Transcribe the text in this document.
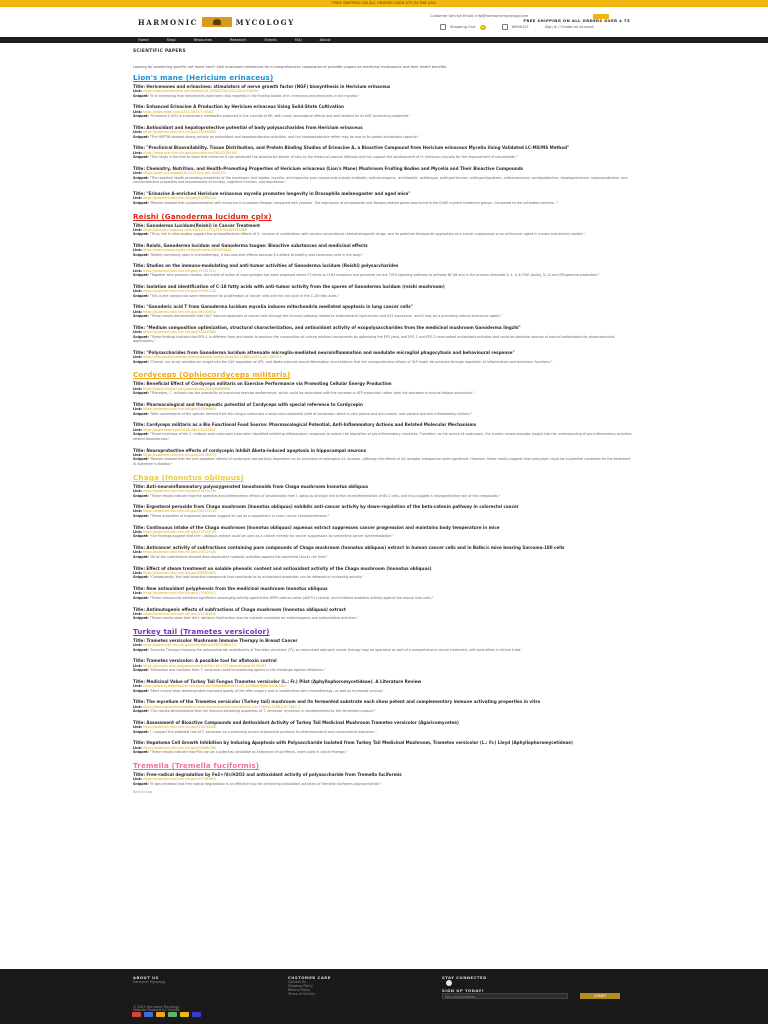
FREE SHIPPING ON ALL ORDERS OVER $75 IN THE USA
HARMONIC	MYCOLOGY
Customer Service Email: info@harmonicmycology.com
FREE SHIPPING ON ALL ORDERS OVER $ 75
Shopping Cart	0	WISHLIST	Sign In / Create an Account
Home	Shop	Resources	Research	Events	FAQ	About
SCIENTIFIC PAPERS

Looking for something specific not found here? Visit mushroom references for a comprehensive compilation of scientific papers on medicinal mushrooms and their health benefits.

Lion's mane (Hericium erinaceus)
Title: Hericenones and erinacines: stimulators of nerve growth factor (NGF) biosynthesis in Hericium erinaceus
Link: https://www.tandfonline.com/doi/full/10.1080/21501203.2010.538091
Snippet: "It is interesting that hericenones have been also reported in the fruiting bodies of H. erinaceus and erinacines in the mycelia."
Title: Enhanced Erinacine A Production by Hericium erinaceus Using Solid-State Cultivation
Link: https://www.mdpi.com/2311-5637/7/3/182
Snippet: "Erinacine A (EA) is a secondary metabolite produced in the mycelia of HE, with many neurological effects and well-studied for its NGF-enhancing properties."
Title: Antioxidant and hepatoprotective potential of body polysaccharides from Hericium erinaceus
Link: https://pubmed.ncbi.nlm.nih.gov/25818060/
Snippet: "The HEPTW showed strong activity on antioxidant and hepatoprotective activities, and the hepatoprotective effect may be due to its potent antioxidant capacity."
Title: "Preclinical Bioavailability, Tissue Distribution, and Protein Binding Studies of Erinacine A, a Bioactive Compound from Hericium erinaceus Mycelia Using Validated LC-MS/MS Method"
Link: https://www.ncbi.nlm.nih.gov/pmc/articles/PMC8229946/
Snippet: "This study is the first to show that erinacine A can penetrate the blood-brain barrier of rats by the means of passive diffusion and has support the development of H. erinaceus mycelia for the improvement of neurohealth."
Title: Chemistry, Nutrition, and Health-Promoting Properties of Hericium erinaceus (Lion's Mane) Mushroom Fruiting Bodies and Mycelia and Their Bioactive Compounds
Link: https://pubs.acs.org/doi/10.1021/acs.jafc.5b02914
Snippet: "The reported health-promoting properties of the mushroom fruit bodies, mycelia, and bioactive pure compounds include antibiotic, anticarcinogenic, antidiabetic, antifatigue, antihypertensive, antihyperlipodemic, antisenescence, cardioprotective, hepatoprotective, nephroprotective, and neuroprotective properties and improvement of anxiety, cognitive function, and depression."
Title: "Erinacine A-enriched Hericium erinaceus mycelia promotes longevity in Drosophila melanogaster and aged mice"
Link: https://pubmed.ncbi.nlm.nih.gov/31398222/
Snippet: "Results showed that supplementation with erinacine A increased lifespan compared with controls. The expression of antioxidants and lifespan-related genes was found in the EAHE mycelia treatment groups. Compared to the untreated controls..."
Reishi (Ganoderma lucidum cplx)
Title: Ganoderma Lucidum(Reishi) in Cancer Treatment
Link: https://journals.sagepub.com/doi/10.1177/1534735403259066
Snippet: "Thus, the in vitro studies support the antiproliferative effects of G. lucidum in combination with various conventional chemotherapeutic drugs, and its potential therapeutic application as a cancer suppressive or an anticancer agent in human and animal models."
Title: Reishi, Ganoderma lucidum and Ganoderma tsugae: Bioactive substances and medicinal effects
Link: https://www.researchgate.net/publication/285993040
Snippet: "Widely commonly used in chemotherapy, it has also side effects because it's attack to healthy and cancerous cells in the body."
Title: Studies on the immuno-modulating and anti-tumor activities of Ganoderma lucidum (Reishi) polysaccharides
Link: https://pubmed.ncbi.nlm.nih.gov/15341521/
Snippet: "Together with previous studies, the mode of action of macrophages has been proposed where F3 binds to TLR4 receptors and proceeds via the TLR4 signaling pathway to activate NF-kB and in the process stimulate IL-1, IL-6 (TNF-alpha), IL-12 and IFN-gamma production."
Title: Isolation and identification of C-18 fatty acids with anti-tumor activity from the spores of Ganoderma lucidum (reishi mushroom)
Link: https://pubmed.ncbi.nlm.nih.gov/15894120/
Snippet: "This is the compounds were determined for proliferation of cancer cells and the cell cycle in the C-18 fatty acids."
Title: "Ganoderic acid T from Ganoderma lucidum mycelia induces mitochondria mediated apoptosis in lung cancer cells"
Link: https://pubmed.ncbi.nlm.nih.gov/16430934/
Snippet: "These results demonstrate that GA-T induced apoptosis of cancer cells through the intrinsic pathway related to mitochondrial dysfunction and p53 expression, and it may be a promising natural anticancer agent."
Title: "Medium composition optimization, structural characterization, and antioxidant activity of exopolysaccharides from the medicinal mushroom Ganoderma lingzhi"
Link: https://pubmed.ncbi.nlm.nih.gov/32622908/
Snippet: "These findings indicate that EPS-1 is different from and easier to produce the composition of culture medium components by optimizing the EPS yield, and EPS-1 and EPS-2 have potent antioxidant activities and could be potential sources of natural antioxidants for pharmaceutical applications."
Title: "Polysaccharides from Ganoderma lucidum attenuate microglia-mediated neuroinflammation and modulate microglial phagocytosis and behavioural response"
Link: https://jneuroinflammation.biomedcentral.com/articles/10.1186/s12974-017-0839-0
Snippet: "Overall, our study provides an insight into the GLP regulation of LPS- and Abeta-induced neuroinflammation and evidence that the neuroprotective effects of GLP might be achieved through regulation of inflammation and behaviour functions."
Cordyceps (Ophiocordyceps militaris)
Title: Beneficial Effect of Cordyceps militaris on Exercise Performance via Promoting Cellular Energy Production
Link: https://www.hindawi.com/journals/mi/2020/8888888/
Snippet: "Therefore, C. militaris has the possibility of improving exercise performance, which could be associated with the increase in ATP production rather than the decrease in muscle fatigue production."
Title: Pharmacological and therapeutic potential of Cordyceps with special reference to Cordycepin
Link: https://pubmed.ncbi.nlm.nih.gov/24596665/
Snippet: "Wild counterparts of the species derived from this fungus comprises a large and substantial yield of cordycepin which is very potent and anti-cancer, anti-oxidant and anti-inflammatory actions."
Title: Cordyceps militaris as a Bio Functional Food Source: Pharmacological Potential, Anti-Inflammatory Actions and Related Molecular Mechanisms
Link: https://www.mdpi.com/2076-2607/10/2/405
Snippet: "These functions of the C. militaris and cordycepin have been identified inhibiting inflammatory responses to reduce the regulation of pro-inflammatory cytokines. Therefore, as the source of cordycepin, the current review provides insight into the understanding of pro-inflammatory activities related biomolecules."
Title: Neuroprotective effects of cordycepin inhibit Abeta-induced apoptosis in hippocampal neurons
Link: https://pubmed.ncbi.nlm.nih.gov/29476977/
Snippet: "Results showed that the anti-apoptotic effects of cordycepin are partially dependent on its activation of adenosine A1 receptor, although the effects of A2 receptor antagonism were significant. However, these results suggest that cordycepin could be a potential candidate for the treatment of Alzheimer's disease."
Chaga (Inonotus obliquus)
Title: Anti-neuroinflammatory polyoxygenated lanostanoids from Chaga mushroom Inonotus obliquus
Link: https://pubmed.ncbi.nlm.nih.gov/31470138/
Snippet: "These results indicate that the potential anti-inflammatory effects of lanostanoids from I. obliquus strongly link to the neuroinflammation of BV-2 cells, and thus suggest a neuroprotective role of the compounds."
Title: Ergosterol peroxide from Chaga mushroom (Inonotus obliquus) exhibits anti-cancer activity by down-regulation of the beta-catenin pathway in colorectal cancer
Link: https://pubmed.ncbi.nlm.nih.gov/26213254/
Snippet: "These properties of ergosterol peroxide suggest its use as a supplement in colon cancer chemoprevention."
Title: Continuous intake of the Chaga mushroom (Inonotus obliquus) aqueous extract suppresses cancer progression and maintains body temperature in mice
Link: https://pubmed.ncbi.nlm.nih.gov/27433233/
Snippet: "Our findings suggest that the I. obliquus extract could be used as a natural remedy for cancer suppression by preventing cancer overmetabolism."
Title: Anticancer activity of subfractions containing pure compounds of Chaga mushroom (Inonotus obliquus) extract in human cancer cells and in Balbc/c mice bearing Sarcoma-180 cells
Link: https://pubmed.ncbi.nlm.nih.gov/25812516/
Snippet: "All of the subfractions showed dose-dependent cytotoxic activities against the examined cancer cell lines."
Title: Effect of steam treatment on soluble phenolic content and antioxidant activity of the Chaga mushroom (Inonotus obliquus)
Link: https://pubmed.ncbi.nlm.nih.gov/28985965/
Snippet: "Consequently, the total bioactive compounds that contribute to its antioxidant properties can be released in increasing activity."
Title: New antioxidant polyphenols from the medicinal mushroom Inonotus obliquus
Link: https://pubmed.ncbi.nlm.nih.gov/17950597/
Snippet: "These compounds exhibited significant scavenging activity against the DPPH radical cation (ABTS+) radical, and inhibited oxidative activity against the mouse liver cells."
Title: Antimutagenic effects of subfractions of Chaga mushroom (Inonotus obliquus) extract
Link: https://pubmed.ncbi.nlm.nih.gov/17194610/
Snippet: "These results show that the I. obliquus Subfraction may be suitable candidate for antimutagenic and antioxidative activities."
Turkey tail (Trametes versicolor)
Title: Trametes versicolor Mushroom Immune Therapy in Breast Cancer
Link: https://www.ncbi.nlm.nih.gov/pmc/articles/PMC3369477/
Snippet: "Immune Therapy involving the polysaccharide constituents of Trametes versicolor (TV) an immunized adjuvant cancer therapy may be operative as part of a comprehensive cancer treatment, with best effect in clinical trials."
Title: Trametes versicolor: A possible tool for aflatoxin control
Link: https://journals.plos.org/plosone/article?id=10.1371/journal.pone.0150397
Snippet: "Extraction and fractions from T. versicolor could be promising agents in the challenge against aflatoxins."
Title: Medicinal Value of Turkey Tail Fungus Trametes versicolor (L.: Fr.) Pilat (Aphyllophoromycetideae). A Literature Review
Link: https://www.dl.begellhouse.com/journals/708ae68d64b17c52,4f3d6ad76e0d2e36.html
Snippet: "Most clinical trials demonstrated improved quality of life after surgery and in combination with chemotherapy, as well as increased survival."
Title: The mycelium of the Trametes versicolor (Turkey tail) mushroom and its fermented substrate each show potent and complementary immune activating properties in vitro
Link: https://bmccomplementmedtherapies.biomedcentral.com/articles/10.1186/s12906-019-2681-7
Snippet: "Our results demonstrated that the immune activating properties of T. versicolor mycelium is complemented by the fermented product."
Title: Assessment of Bioactive Compounds and Antioxidant Activity of Turkey Tail Medicinal Mushroom Trametes versicolor (Agaricomycetes)
Link: https://pubmed.ncbi.nlm.nih.gov/31679226/
Snippet: "...support the potential role of T. versicolor as a promising source of bioactive products for pharmaceutical and nutraceutical industries."
Title: Hepatoma Cell Growth Inhibition by Inducing Apoptosis with Polysaccharide Isolated from Turkey Tail Medicinal Mushroom, Trametes versicolor (L.: Fr.) Lloyd (Aphyllophoromycetideae)
Link: https://pubmed.ncbi.nlm.nih.gov/20666798/
Snippet: "These results indicate that PSK can be a potential candidate as anticancer drug effects, when used in cancer therapy."
Tremella (Tremella fuciformis)
Title: Free-radical degradation by Fe2+/Vc/H2O2 and antioxidant activity of polysaccharide from Tremella fuciformis
Link: https://pubmed.ncbi.nlm.nih.gov/24708983/
Snippet: "It was revealed that free radical degradation is an effective way for enhancing antioxidant activities of Tremella fuciformis polysaccharide."
Back to top
ABOUT US
Harmonic Mycology
CUSTOMER CARE
Contact Us
Shipping Policy
Refund Policy
Terms of Service
STAY CONNECTED
SIGN UP TODAY!
Your email address	SUBMIT
© 2023 Harmonic Mycology
Website Powered by Shopify
